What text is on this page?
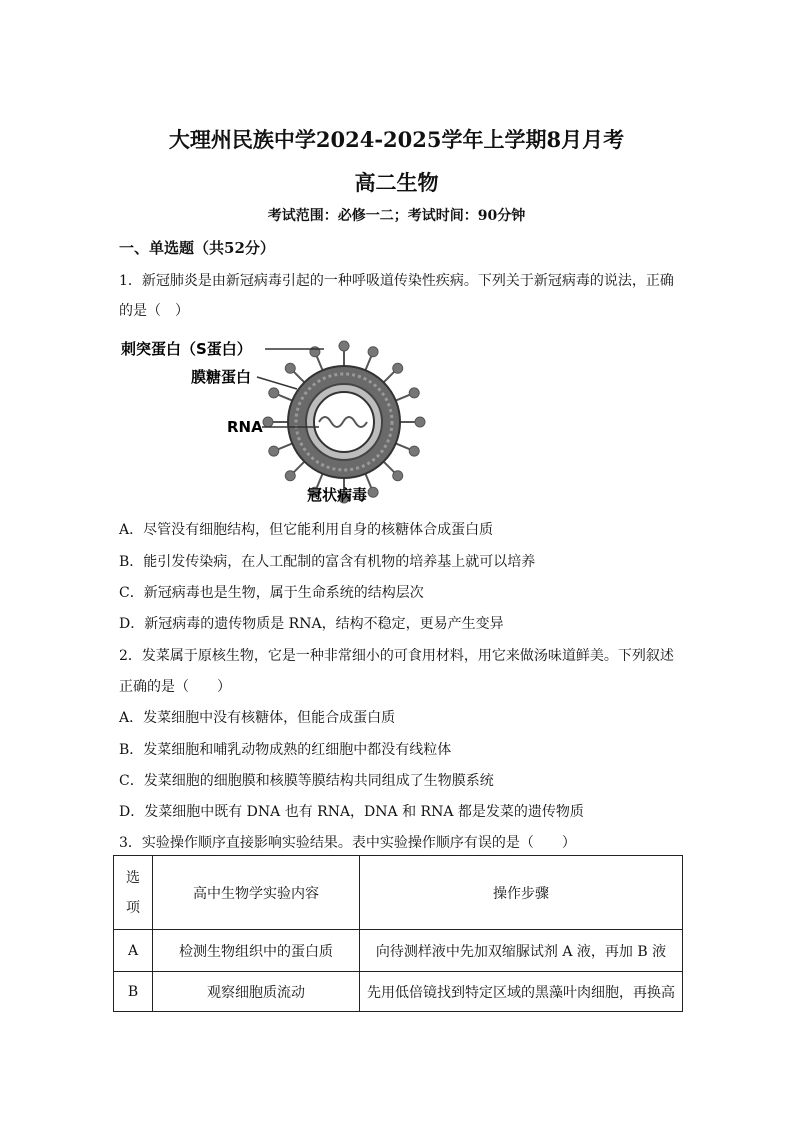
大理州民族中学2024-2025学年上学期8月月考
高二生物
考试范围：必修一二；考试时间：90分钟
一、单选题（共52分）
1．新冠肺炎是由新冠病毒引起的一种呼吸道传染性疾病。下列关于新冠病毒的说法，正确
的是（　）
刺突蛋白（S蛋白）
膜糖蛋白
RNA
冠状病毒
A．尽管没有细胞结构，但它能利用自身的核糖体合成蛋白质
B．能引发传染病，在人工配制的富含有机物的培养基上就可以培养
C．新冠病毒也是生物，属于生命系统的结构层次
D．新冠病毒的遗传物质是 RNA，结构不稳定，更易产生变异
2．发菜属于原核生物，它是一种非常细小的可食用材料，用它来做汤味道鲜美。下列叙述
正确的是（　　）
A．发菜细胞中没有核糖体，但能合成蛋白质
B．发菜细胞和哺乳动物成熟的红细胞中都没有线粒体
C．发菜细胞的细胞膜和核膜等膜结构共同组成了生物膜系统
D．发菜细胞中既有 DNA 也有 RNA，DNA 和 RNA 都是发菜的遗传物质
3．实验操作顺序直接影响实验结果。表中实验操作顺序有误的是（　　）
选
项	高中生物学实验内容	操作步骤
A	检测生物组织中的蛋白质	向待测样液中先加双缩脲试剂 A 液，再加 B 液
B	观察细胞质流动	先用低倍镜找到特定区域的黑藻叶肉细胞，再换高
